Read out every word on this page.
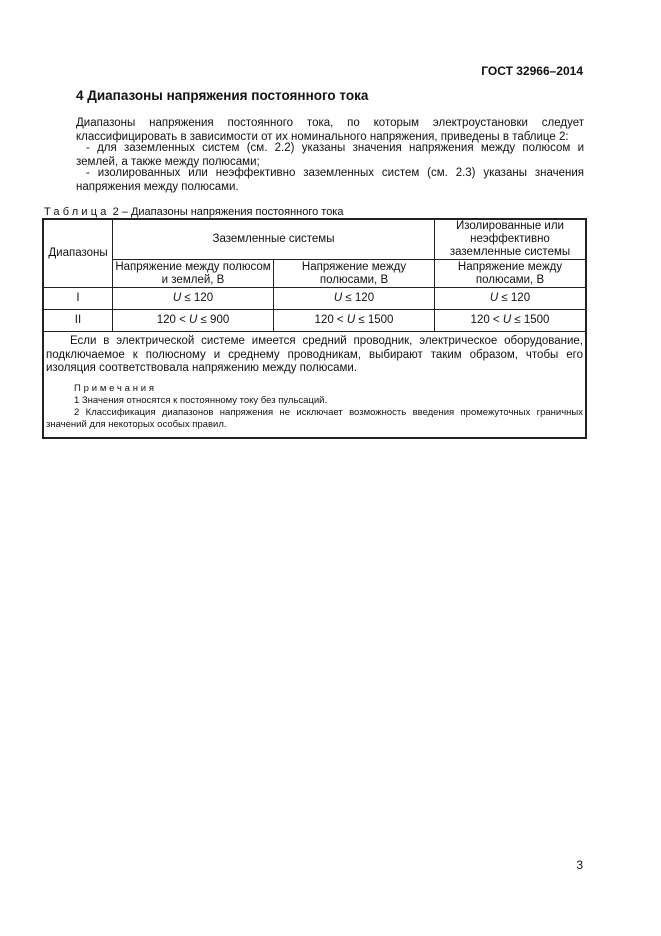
ГОСТ 32966–2014
4 Диапазоны напряжения постоянного тока

Диапазоны напряжения постоянного тока, по которым электроустановки следует классифицировать в зависимости от их номинального напряжения, приведены в таблице 2:

- для заземленных систем (см. 2.2) указаны значения напряжения между полюсом и землей, а также между полюсами;

- изолированных или неэффективно заземленных систем (см. 2.3) указаны значения напряжения между полюсами.

Таблица 2 – Диапазоны напряжения постоянного тока
Диапазоны	Заземленные системы		Изолированные или неэффективно заземленные системы
	Напряжение между полюсом и землей, В	Напряжение между полюсами, В	Напряжение между полюсами, В
I	U ≤ 120	U ≤ 120	U ≤ 120
II	120 < U ≤ 900	120 < U ≤ 1500	120 < U ≤ 1500

Если в электрической системе имеется средний проводник, электрическое оборудование, подключаемое к полюсному и среднему проводникам, выбирают таким образом, чтобы его изоляция соответствовала напряжению между полюсами.

Примечания

1 Значения относятся к постоянному току без пульсаций.

2 Классификация диапазонов напряжения не исключает возможность введения промежуточных граничных значений для некоторых особых правил.			

3
